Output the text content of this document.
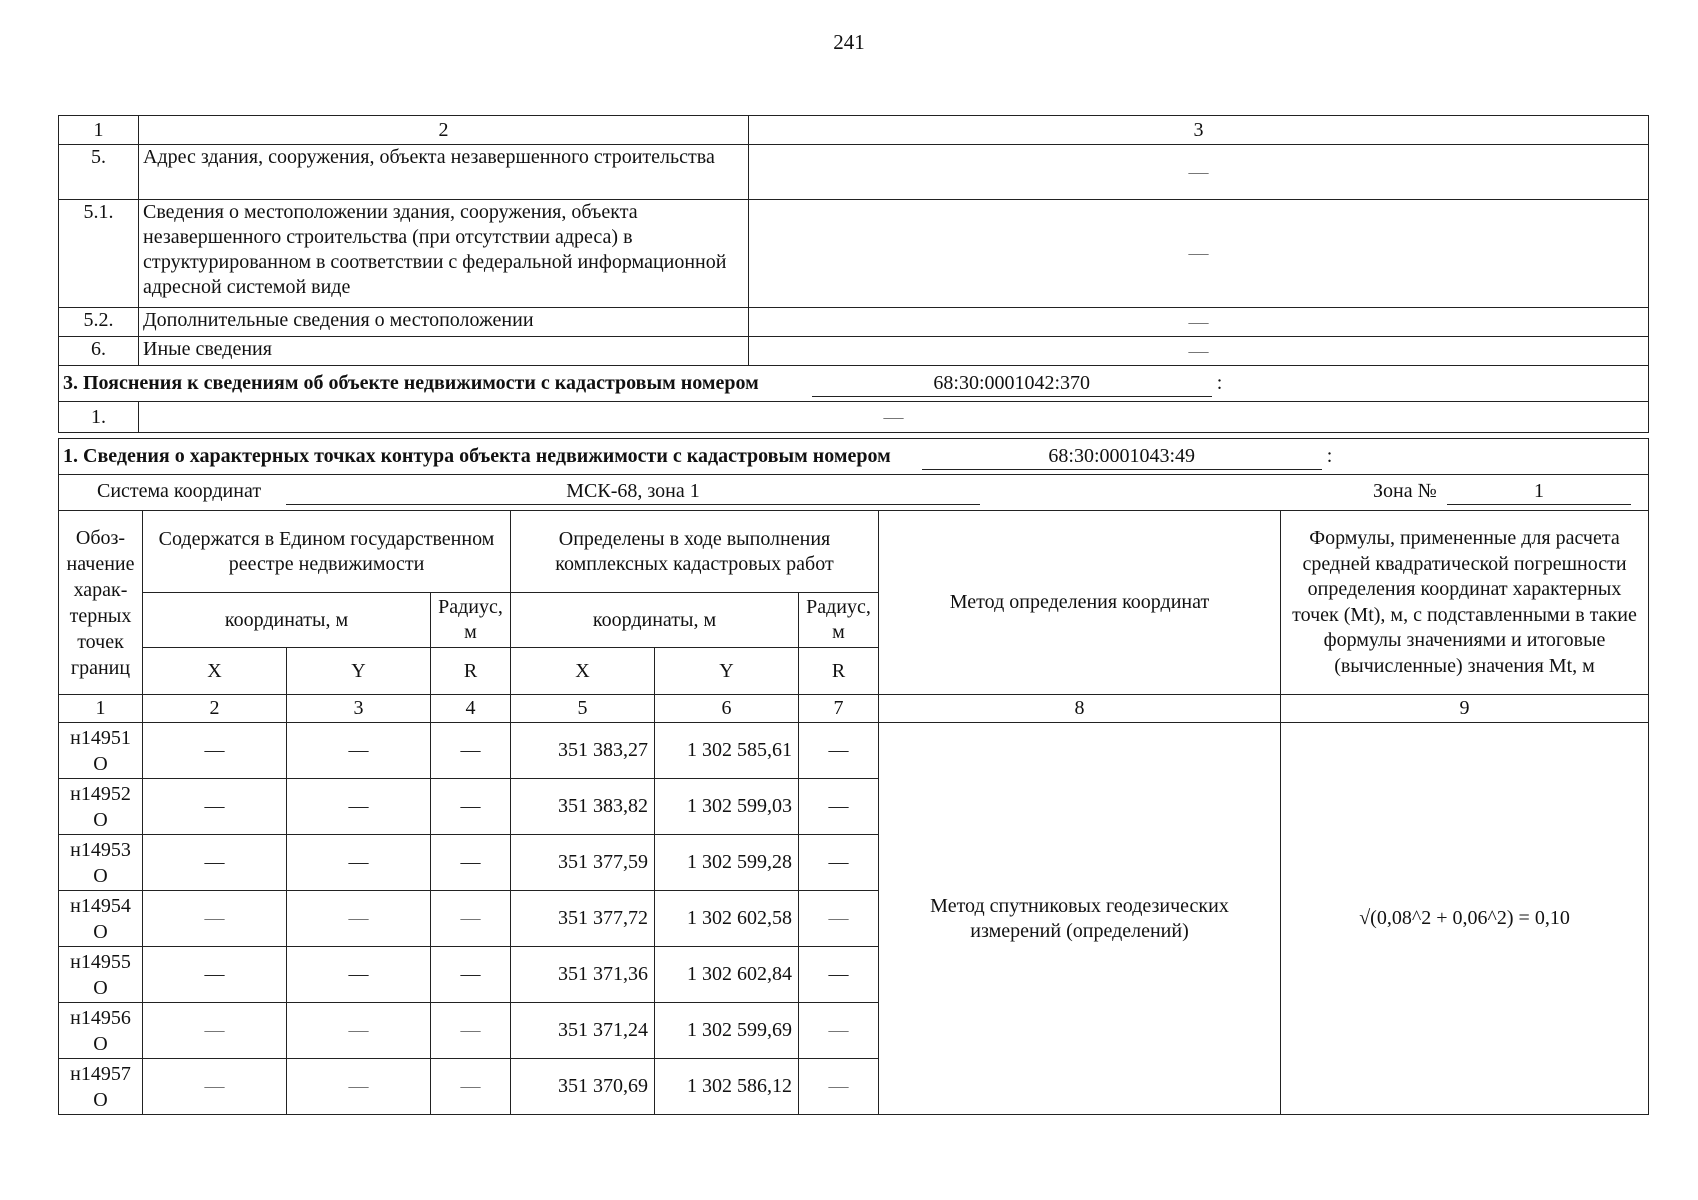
241
1	2	3
5.	Адрес здания, сооружения, объекта незавершенного строительства	—
5.1.	Сведения о местоположении здания, сооружения, объекта незавершенного строительства (при отсутствии адреса) в структурированном в соответствии с федеральной информационной адресной системой виде	—
5.2.	Дополнительные сведения о местоположении	—
6.	Иные сведения	—
3. Пояснения к сведениям об объекте недвижимости с кадастровым номером 68:30:0001042:370 :		
1.	—	
1. Сведения о характерных точках контура объекта недвижимости с кадастровым номером 68:30:0001043:49 :								

Система координат МСК-68, зона 1 Зона № 1								

Обоз-начение харак-терных точек границ	Содержатся в Едином государственном реестре недвижимости			Определены в ходе выполнения комплексных кадастровых работ			Метод определения координат	Формулы, примененные для расчета средней квадратической погрешности определения координат характерных точек (Mt), м, с подставленными в такие формулы значениями и итоговые (вычисленные) значения Mt, м
	координаты, м		Радиус, м	координаты, м		Радиус, м		
	X	Y	R	X	Y	R		
1	2	3	4	5	6	7	8	9
н14951 О	—	—	—	351 383,27	1 302 585,61	—	Метод спутниковых геодезических измерений (определений)	√(0,08^2 + 0,06^2) = 0,10
н14952 О	—	—	—	351 383,82	1 302 599,03	—		
н14953 О	—	—	—	351 377,59	1 302 599,28	—		
н14954 О	—	—	—	351 377,72	1 302 602,58	—		
н14955 О	—	—	—	351 371,36	1 302 602,84	—		
н14956 О	—	—	—	351 371,24	1 302 599,69	—		
н14957 О	—	—	—	351 370,69	1 302 586,12	—		
